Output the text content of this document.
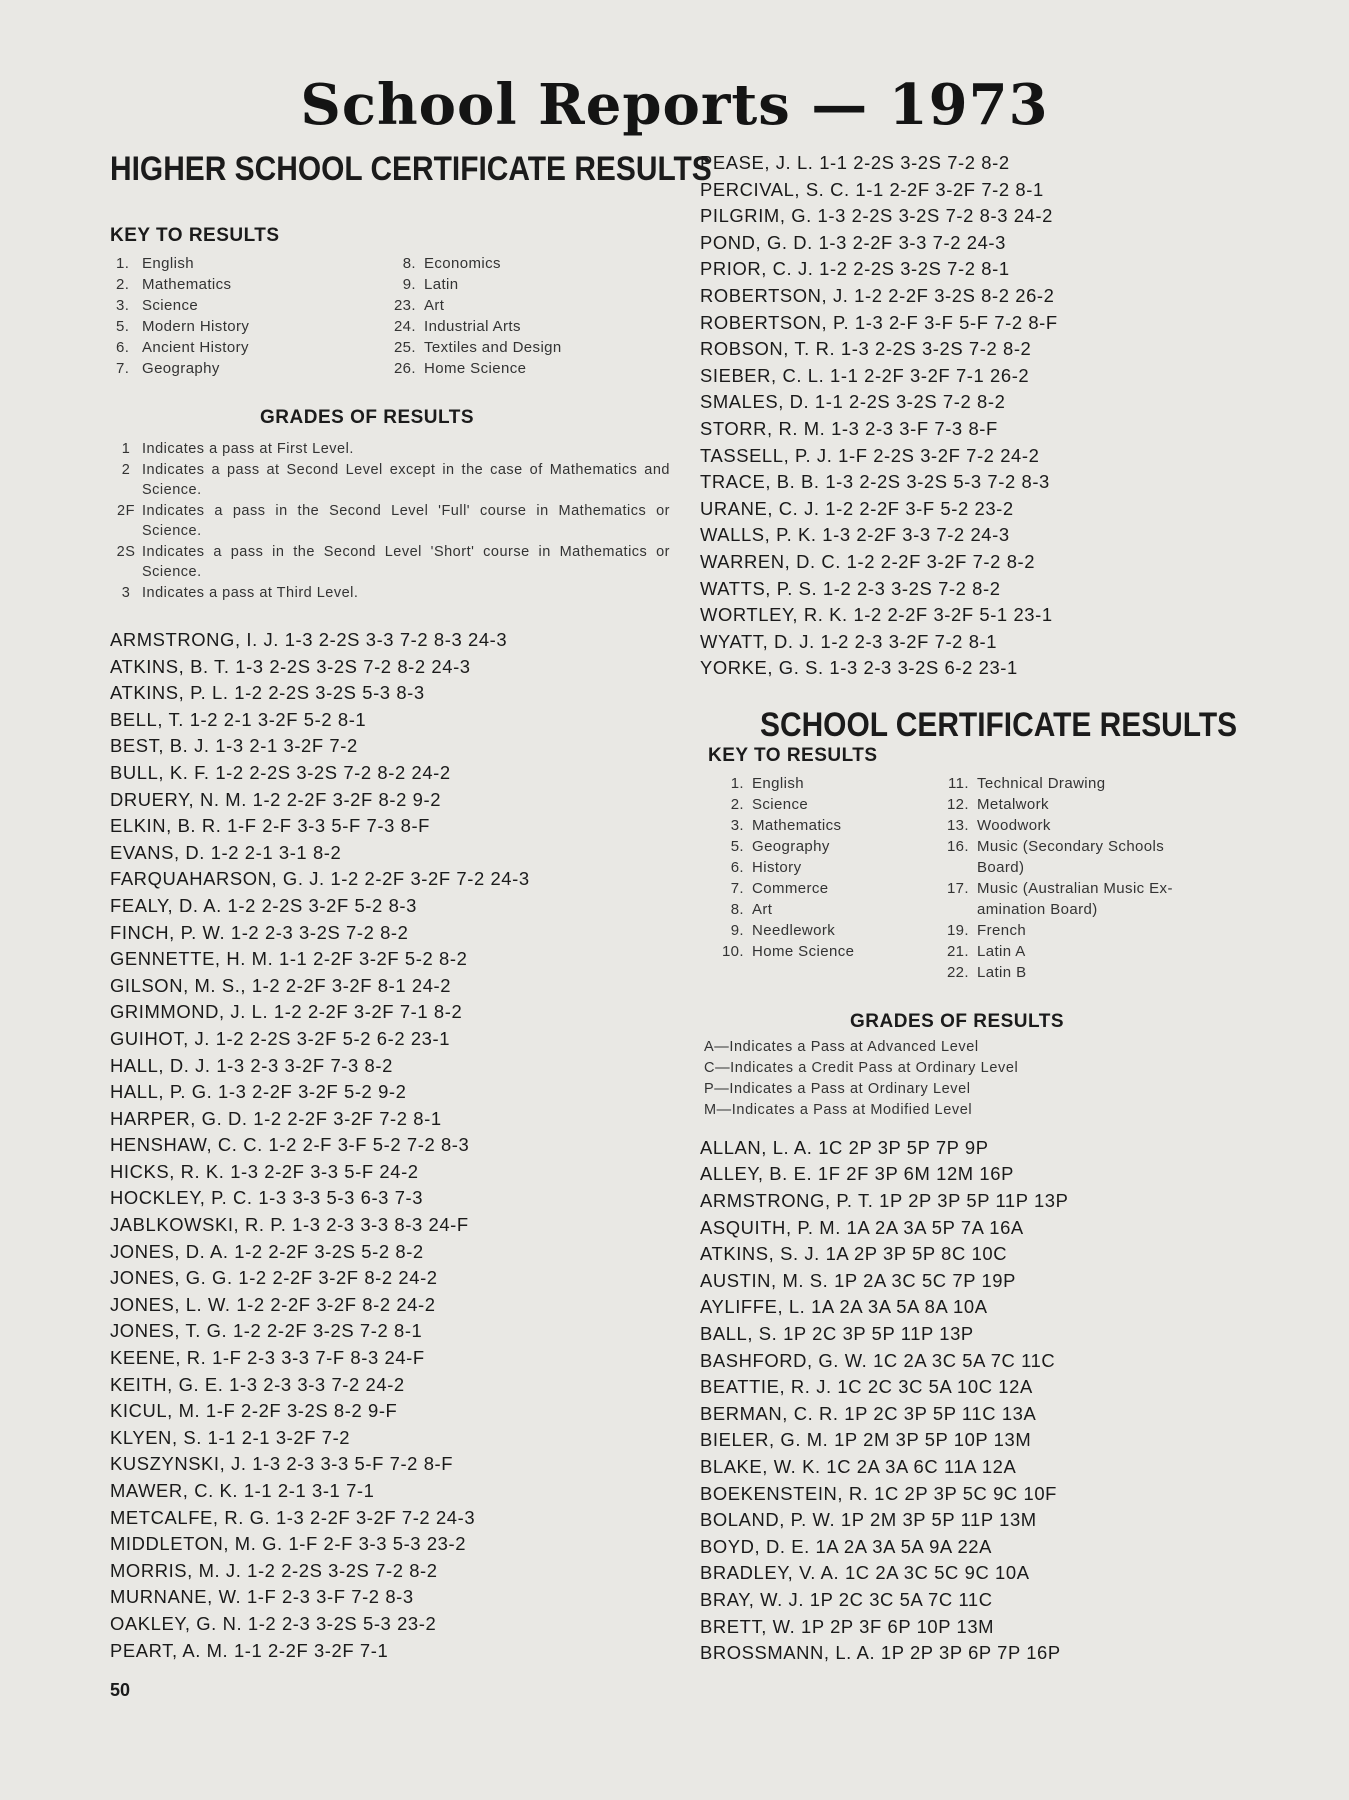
School Reports — 1973
HIGHER SCHOOL CERTIFICATE RESULTS
KEY TO RESULTS
1. English
2. Mathematics
3. Science
5. Modern History
6. Ancient History
7. Geography
8. Economics
9. Latin
23. Art
24. Industrial Arts
25. Textiles and Design
26. Home Science
GRADES OF RESULTS
1 Indicates a pass at First Level.
2 Indicates a pass at Second Level except in the case of Mathematics and Science.
2F Indicates a pass in the Second Level 'Full' course in Mathematics or Science.
2S Indicates a pass in the Second Level 'Short' course in Mathematics or Science.
3 Indicates a pass at Third Level.
ARMSTRONG, I. J. 1-3 2-2S 3-3 7-2 8-3 24-3
ATKINS, B. T. 1-3 2-2S 3-2S 7-2 8-2 24-3
ATKINS, P. L. 1-2 2-2S 3-2S 5-3 8-3
BELL, T. 1-2 2-1 3-2F 5-2 8-1
BEST, B. J. 1-3 2-1 3-2F 7-2
BULL, K. F. 1-2 2-2S 3-2S 7-2 8-2 24-2
DRUERY, N. M. 1-2 2-2F 3-2F 8-2 9-2
ELKIN, B. R. 1-F 2-F 3-3 5-F 7-3 8-F
EVANS, D. 1-2 2-1 3-1 8-2
FARQUAHARSON, G. J. 1-2 2-2F 3-2F 7-2 24-3
FEALY, D. A. 1-2 2-2S 3-2F 5-2 8-3
FINCH, P. W. 1-2 2-3 3-2S 7-2 8-2
GENNETTE, H. M. 1-1 2-2F 3-2F 5-2 8-2
GILSON, M. S., 1-2 2-2F 3-2F 8-1 24-2
GRIMMOND, J. L. 1-2 2-2F 3-2F 7-1 8-2
GUIHOT, J. 1-2 2-2S 3-2F 5-2 6-2 23-1
HALL, D. J. 1-3 2-3 3-2F 7-3 8-2
HALL, P. G. 1-3 2-2F 3-2F 5-2 9-2
HARPER, G. D. 1-2 2-2F 3-2F 7-2 8-1
HENSHAW, C. C. 1-2 2-F 3-F 5-2 7-2 8-3
HICKS, R. K. 1-3 2-2F 3-3 5-F 24-2
HOCKLEY, P. C. 1-3 3-3 5-3 6-3 7-3
JABLKOWSKI, R. P. 1-3 2-3 3-3 8-3 24-F
JONES, D. A. 1-2 2-2F 3-2S 5-2 8-2
JONES, G. G. 1-2 2-2F 3-2F 8-2 24-2
JONES, L. W. 1-2 2-2F 3-2F 8-2 24-2
JONES, T. G. 1-2 2-2F 3-2S 7-2 8-1
KEENE, R. 1-F 2-3 3-3 7-F 8-3 24-F
KEITH, G. E. 1-3 2-3 3-3 7-2 24-2
KICUL, M. 1-F 2-2F 3-2S 8-2 9-F
KLYEN, S. 1-1 2-1 3-2F 7-2
KUSZYNSKI, J. 1-3 2-3 3-3 5-F 7-2 8-F
MAWER, C. K. 1-1 2-1 3-1 7-1
METCALFE, R. G. 1-3 2-2F 3-2F 7-2 24-3
MIDDLETON, M. G. 1-F 2-F 3-3 5-3 23-2
MORRIS, M. J. 1-2 2-2S 3-2S 7-2 8-2
MURNANE, W. 1-F 2-3 3-F 7-2 8-3
OAKLEY, G. N. 1-2 2-3 3-2S 5-3 23-2
PEART, A. M. 1-1 2-2F 3-2F 7-1
PEASE, J. L. 1-1 2-2S 3-2S 7-2 8-2
PERCIVAL, S. C. 1-1 2-2F 3-2F 7-2 8-1
PILGRIM, G. 1-3 2-2S 3-2S 7-2 8-3 24-2
POND, G. D. 1-3 2-2F 3-3 7-2 24-3
PRIOR, C. J. 1-2 2-2S 3-2S 7-2 8-1
ROBERTSON, J. 1-2 2-2F 3-2S 8-2 26-2
ROBERTSON, P. 1-3 2-F 3-F 5-F 7-2 8-F
ROBSON, T. R. 1-3 2-2S 3-2S 7-2 8-2
SIEBER, C. L. 1-1 2-2F 3-2F 7-1 26-2
SMALES, D. 1-1 2-2S 3-2S 7-2 8-2
STORR, R. M. 1-3 2-3 3-F 7-3 8-F
TASSELL, P. J. 1-F 2-2S 3-2F 7-2 24-2
TRACE, B. B. 1-3 2-2S 3-2S 5-3 7-2 8-3
URANE, C. J. 1-2 2-2F 3-F 5-2 23-2
WALLS, P. K. 1-3 2-2F 3-3 7-2 24-3
WARREN, D. C. 1-2 2-2F 3-2F 7-2 8-2
WATTS, P. S. 1-2 2-3 3-2S 7-2 8-2
WORTLEY, R. K. 1-2 2-2F 3-2F 5-1 23-1
WYATT, D. J. 1-2 2-3 3-2F 7-2 8-1
YORKE, G. S. 1-3 2-3 3-2S 6-2 23-1
SCHOOL CERTIFICATE RESULTS
KEY TO RESULTS
1. English
2. Science
3. Mathematics
5. Geography
6. History
7. Commerce
8. Art
9. Needlework
10. Home Science
11. Technical Drawing
12. Metalwork
13. Woodwork
16. Music (Secondary Schools
Board)
17. Music (Australian Music Ex-
amination Board)
19. French
21. Latin A
22. Latin B
GRADES OF RESULTS
A—Indicates a Pass at Advanced Level
C—Indicates a Credit Pass at Ordinary Level
P—Indicates a Pass at Ordinary Level
M—Indicates a Pass at Modified Level
ALLAN, L. A. 1C 2P 3P 5P 7P 9P
ALLEY, B. E. 1F 2F 3P 6M 12M 16P
ARMSTRONG, P. T. 1P 2P 3P 5P 11P 13P
ASQUITH, P. M. 1A 2A 3A 5P 7A 16A
ATKINS, S. J. 1A 2P 3P 5P 8C 10C
AUSTIN, M. S. 1P 2A 3C 5C 7P 19P
AYLIFFE, L. 1A 2A 3A 5A 8A 10A
BALL, S. 1P 2C 3P 5P 11P 13P
BASHFORD, G. W. 1C 2A 3C 5A 7C 11C
BEATTIE, R. J. 1C 2C 3C 5A 10C 12A
BERMAN, C. R. 1P 2C 3P 5P 11C 13A
BIELER, G. M. 1P 2M 3P 5P 10P 13M
BLAKE, W. K. 1C 2A 3A 6C 11A 12A
BOEKENSTEIN, R. 1C 2P 3P 5C 9C 10F
BOLAND, P. W. 1P 2M 3P 5P 11P 13M
BOYD, D. E. 1A 2A 3A 5A 9A 22A
BRADLEY, V. A. 1C 2A 3C 5C 9C 10A
BRAY, W. J. 1P 2C 3C 5A 7C 11C
BRETT, W. 1P 2P 3F 6P 10P 13M
BROSSMANN, L. A. 1P 2P 3P 6P 7P 16P
50
